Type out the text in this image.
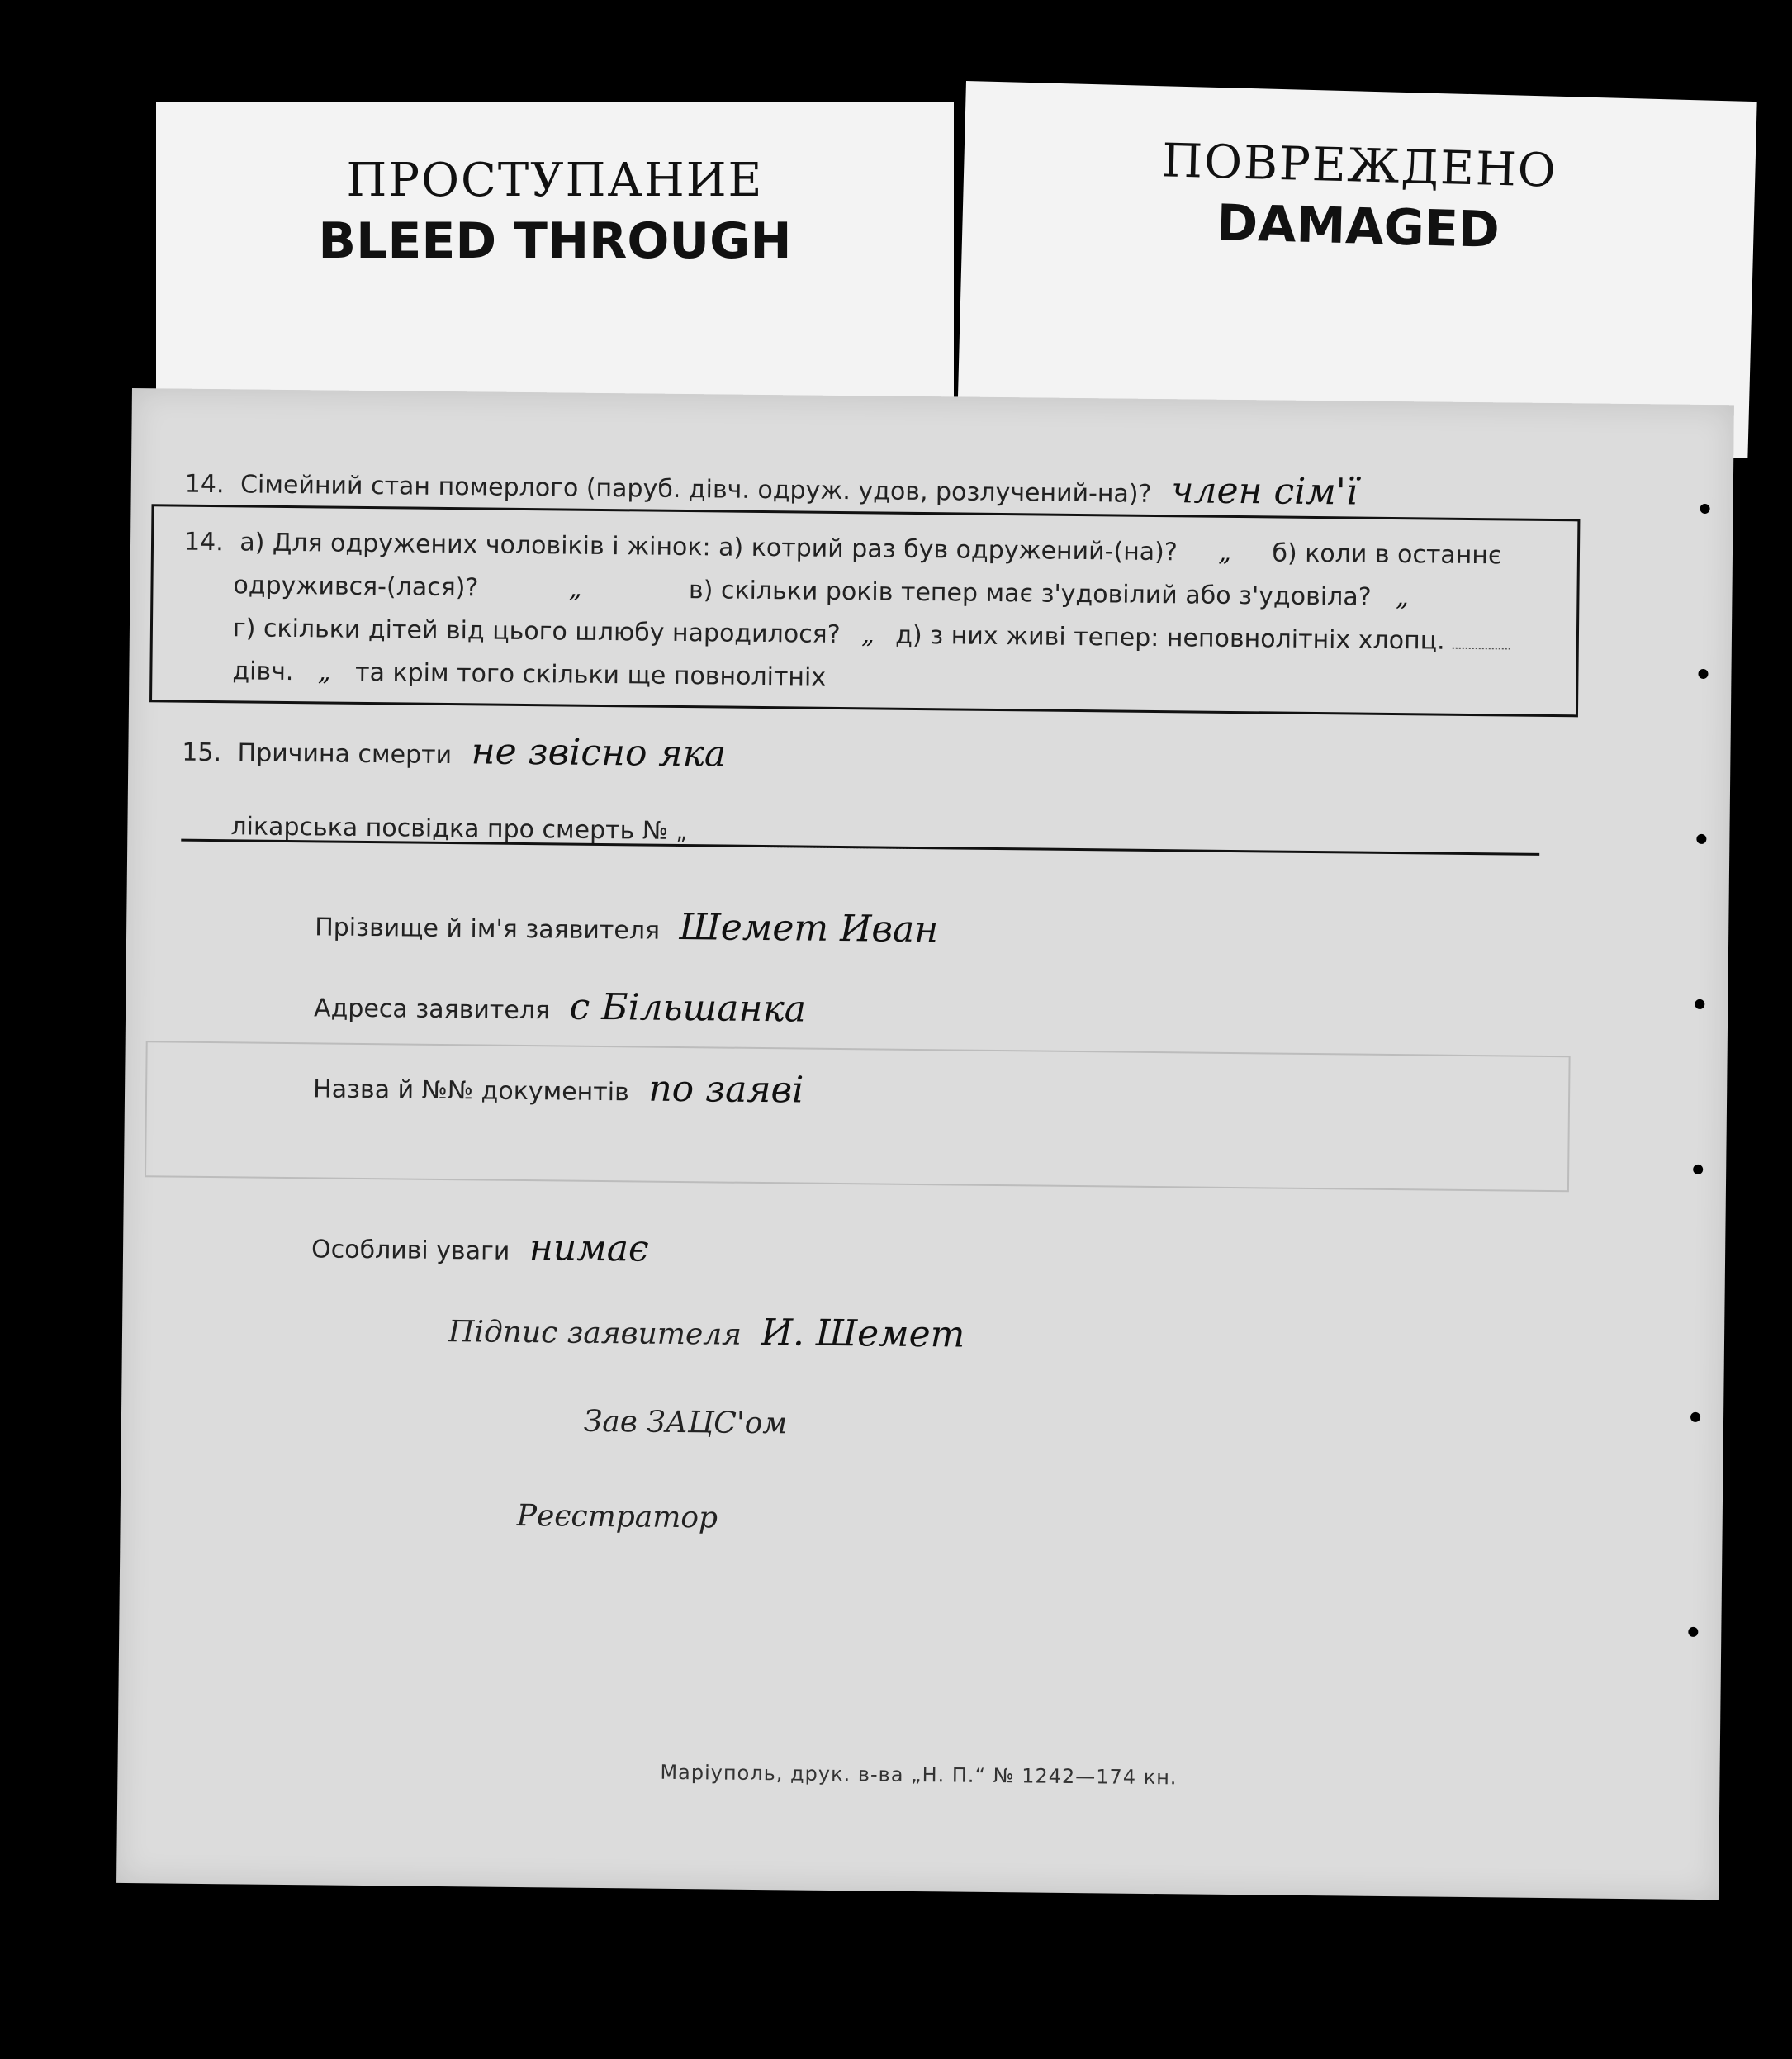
ПРОСТУПАНИЕ
BLEED THROUGH
ПОВРЕЖДЕНО
DAMAGED
14. Сімейний стан померлого (паруб. дівч. одруж. удов, розлучений-на)? член сім'ї
14. а) Для одружених чоловіків і жінок: а) котрий раз був одружений-(на)? „ б) коли в останнє
одружився-(лася)?	„	в) скільки років тепер має з'удовілий або з'удовіла? „
г) скільки дітей від цього шлюбу народилося? „ д) з них живі тепер: неповнолітніх хлопц.
дівч. „ та крім того скільки ще повнолітніх
15. Причина смерти не звісно яка
лікарська посвідка про смерть № „
Прізвище й ім'я заявителя Шемет Иван
Адреса заявителя с Більшанка
Назва й №№ документів по заяві
Особливі уваги нимає
Підпис заявителя И. Шемет
Зав ЗАЦС'ом
Реєстратор
Маріуполь, друк. в-ва „Н. П.“ № 1242—174 кн.
